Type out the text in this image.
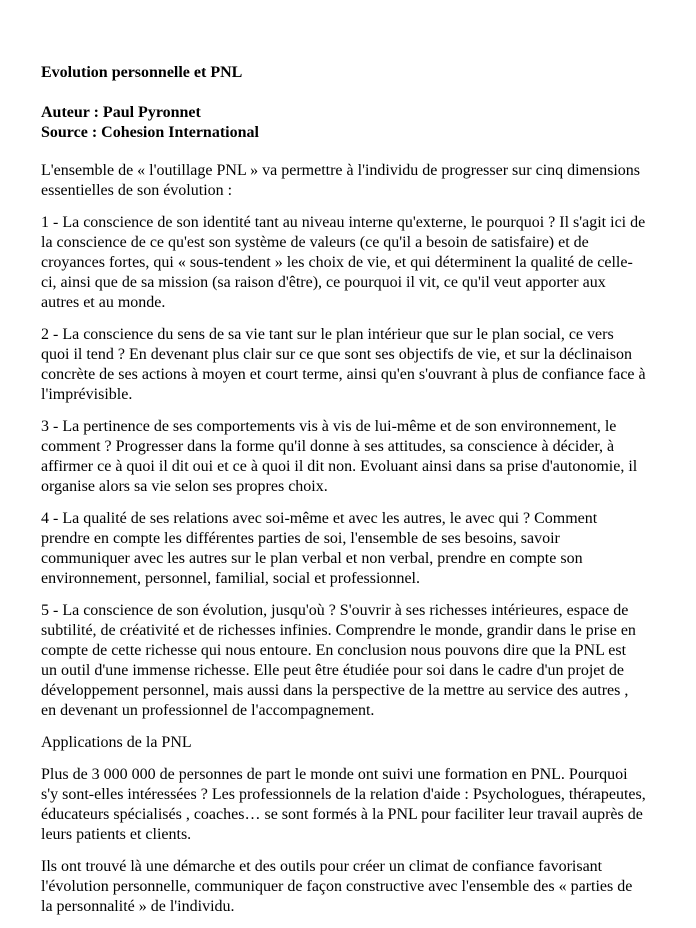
Evolution personnelle et PNL
Auteur : Paul Pyronnet
Source : Cohesion International
L'ensemble de « l'outillage PNL » va permettre à l'individu de progresser sur cinq dimensions
essentielles de son évolution :
1 - La conscience de son identité tant au niveau interne qu'externe, le pourquoi ? Il s'agit ici de
la conscience de ce qu'est son système de valeurs (ce qu'il a besoin de satisfaire) et de
croyances fortes, qui « sous-tendent » les choix de vie, et qui déterminent la qualité de celle-
ci, ainsi que de sa mission (sa raison d'être), ce pourquoi il vit, ce qu'il veut apporter aux
autres et au monde.
2 - La conscience du sens de sa vie tant sur le plan intérieur que sur le plan social, ce vers
quoi il tend ? En devenant plus clair sur ce que sont ses objectifs de vie, et sur la déclinaison
concrète de ses actions à moyen et court terme, ainsi qu'en s'ouvrant à plus de confiance face à
l'imprévisible.
3 - La pertinence de ses comportements vis à vis de lui-même et de son environnement, le
comment ? Progresser dans la forme qu'il donne à ses attitudes, sa conscience à décider, à
affirmer ce à quoi il dit oui et ce à quoi il dit non. Evoluant ainsi dans sa prise d'autonomie, il
organise alors sa vie selon ses propres choix.
4 - La qualité de ses relations avec soi-même et avec les autres, le avec qui ? Comment
prendre en compte les différentes parties de soi, l'ensemble de ses besoins, savoir
communiquer avec les autres sur le plan verbal et non verbal, prendre en compte son
environnement, personnel, familial, social et professionnel.
5 - La conscience de son évolution, jusqu'où ? S'ouvrir à ses richesses intérieures, espace de
subtilité, de créativité et de richesses infinies. Comprendre le monde, grandir dans le prise en
compte de cette richesse qui nous entoure. En conclusion nous pouvons dire que la PNL est
un outil d'une immense richesse. Elle peut être étudiée pour soi dans le cadre d'un projet de
développement personnel, mais aussi dans la perspective de la mettre au service des autres ,
en devenant un professionnel de l'accompagnement.
Applications de la PNL
Plus de 3 000 000 de personnes de part le monde ont suivi une formation en PNL. Pourquoi
s'y sont-elles intéressées ? Les professionnels de la relation d'aide : Psychologues, thérapeutes,
éducateurs spécialisés , coaches… se sont formés à la PNL pour faciliter leur travail auprès de
leurs patients et clients.
Ils ont trouvé là une démarche et des outils pour créer un climat de confiance favorisant
l'évolution personnelle, communiquer de façon constructive avec l'ensemble des « parties de
la personnalité » de l'individu.
